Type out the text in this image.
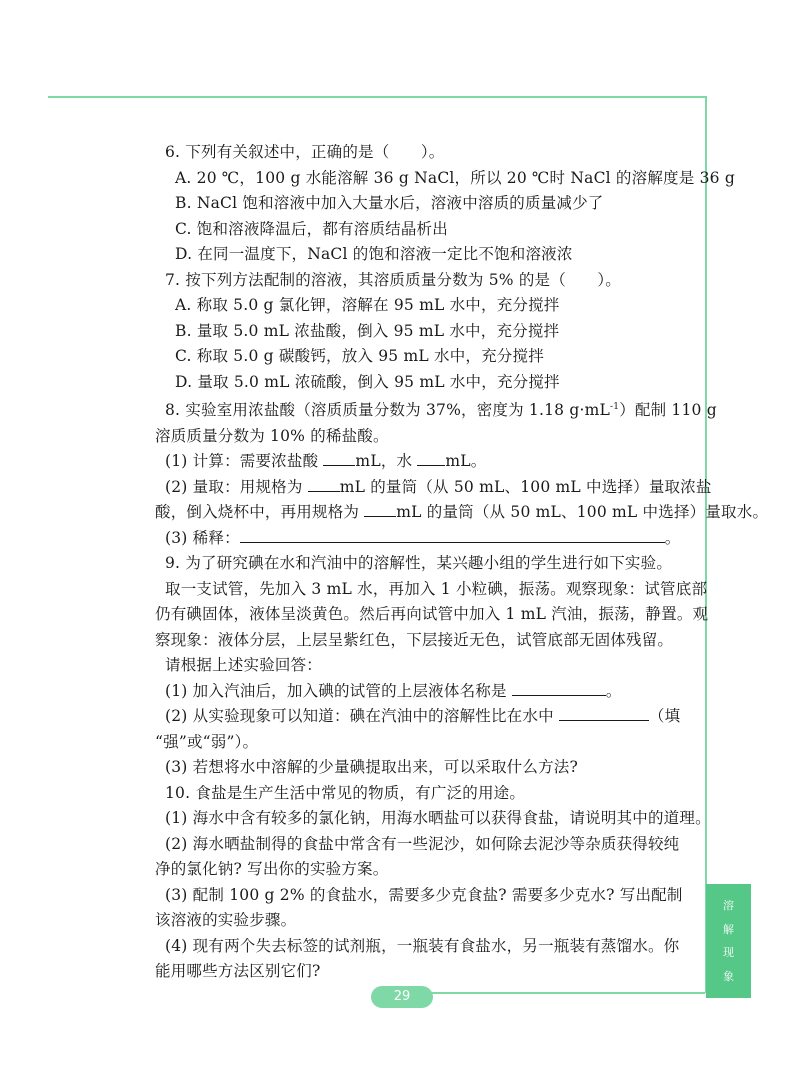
29
溶
解
现
象

6. 下列有关叙述中，正确的是（　　）。

A. 20 ℃，100 g 水能溶解 36 g NaCl，所以 20 ℃时 NaCl 的溶解度是 36 g

B. NaCl 饱和溶液中加入大量水后，溶液中溶质的质量减少了

C. 饱和溶液降温后，都有溶质结晶析出

D. 在同一温度下，NaCl 的饱和溶液一定比不饱和溶液浓

7. 按下列方法配制的溶液，其溶质质量分数为 5% 的是（　　）。

A. 称取 5.0 g 氯化钾，溶解在 95 mL 水中，充分搅拌

B. 量取 5.0 mL 浓盐酸，倒入 95 mL 水中，充分搅拌

C. 称取 5.0 g 碳酸钙，放入 95 mL 水中，充分搅拌

D. 量取 5.0 mL 浓硫酸，倒入 95 mL 水中，充分搅拌

8. 实验室用浓盐酸（溶质质量分数为 37%，密度为 1.18 $g\cdot mL^{-1}$）配制 110 g

溶质质量分数为 10% 的稀盐酸。

(1) 计算：需要浓盐酸 mL，水 mL。

(2) 量取：用规格为 mL 的量筒（从 50 mL、100 mL 中选择）量取浓盐

酸，倒入烧杯中，再用规格为 mL 的量筒（从 50 mL、100 mL 中选择）量取水。

(3) 稀释：	。

9. 为了研究碘在水和汽油中的溶解性，某兴趣小组的学生进行如下实验。

取一支试管，先加入 3 mL 水，再加入 1 小粒碘，振荡。观察现象：试管底部

仍有碘固体，液体呈淡黄色。然后再向试管中加入 1 mL 汽油，振荡，静置。观

察现象：液体分层，上层呈紫红色，下层接近无色，试管底部无固体残留。

请根据上述实验回答：

(1) 加入汽油后，加入碘的试管的上层液体名称是	。

(2) 从实验现象可以知道：碘在汽油中的溶解性比在水中	（填

“强”或“弱”）。

(3) 若想将水中溶解的少量碘提取出来，可以采取什么方法?

10. 食盐是生产生活中常见的物质，有广泛的用途。

(1) 海水中含有较多的氯化钠，用海水晒盐可以获得食盐，请说明其中的道理。

(2) 海水晒盐制得的食盐中常含有一些泥沙，如何除去泥沙等杂质获得较纯

净的氯化钠? 写出你的实验方案。

(3) 配制 100 g 2% 的食盐水，需要多少克食盐? 需要多少克水? 写出配制

该溶液的实验步骤。

(4) 现有两个失去标签的试剂瓶，一瓶装有食盐水，另一瓶装有蒸馏水。你

能用哪些方法区别它们?
